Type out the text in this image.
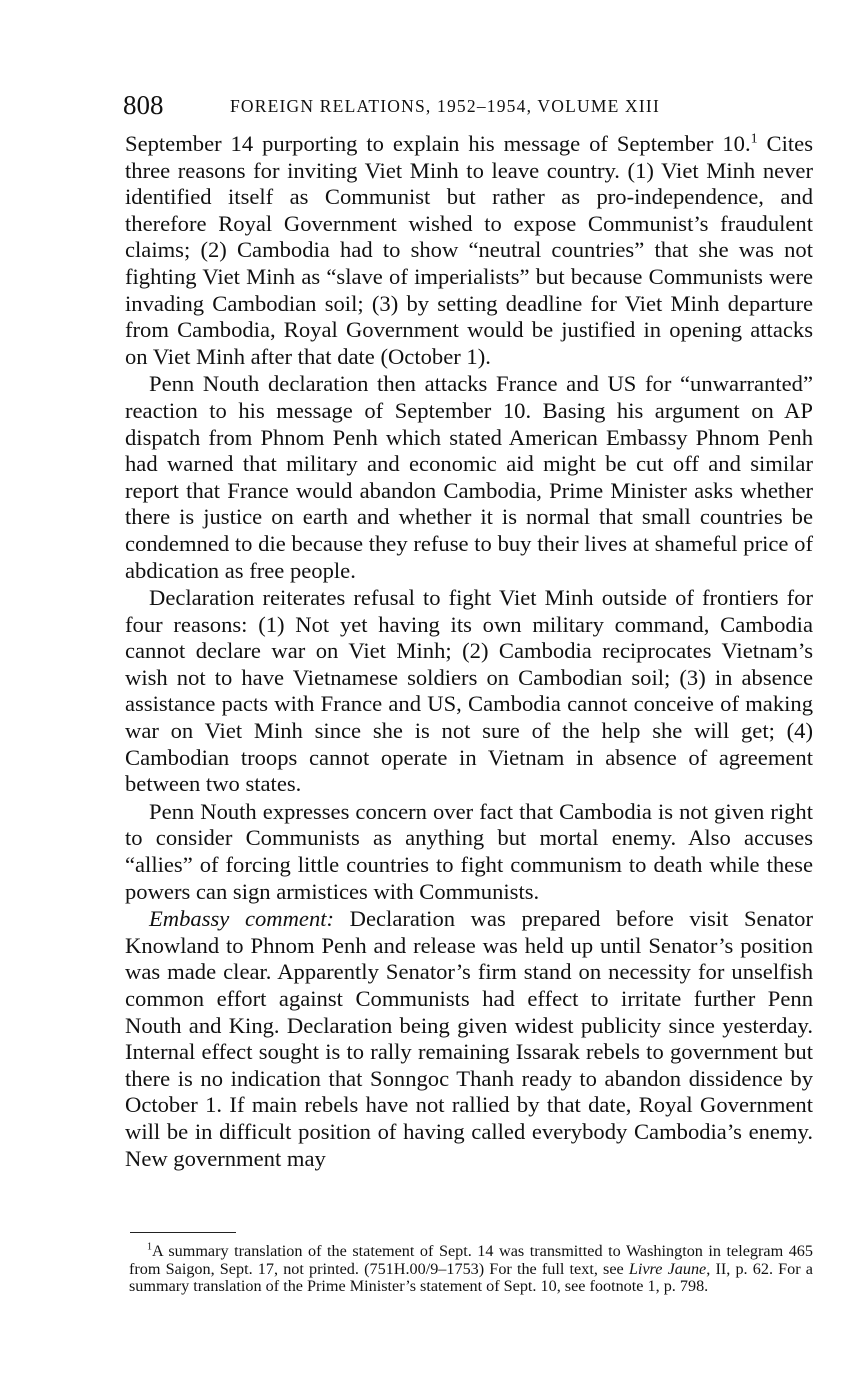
808	FOREIGN RELATIONS, 1952–1954, VOLUME XIII

September 14 purporting to explain his message of September 10.$^1$ Cites three reasons for inviting Viet Minh to leave country. (1) Viet Minh never identified itself as Communist but rather as pro-independence, and therefore Royal Government wished to expose Communist’s fraudulent claims; (2) Cambodia had to show “neutral countries” that she was not fighting Viet Minh as “slave of imperialists” but because Communists were invading Cambodian soil; (3) by setting deadline for Viet Minh departure from Cambodia, Royal Government would be justified in opening attacks on Viet Minh after that date (October 1).

Penn Nouth declaration then attacks France and US for “unwarranted” reaction to his message of September 10. Basing his argument on AP dispatch from Phnom Penh which stated American Embassy Phnom Penh had warned that military and economic aid might be cut off and similar report that France would abandon Cambodia, Prime Minister asks whether there is justice on earth and whether it is normal that small countries be condemned to die because they refuse to buy their lives at shameful price of abdication as free people.

Declaration reiterates refusal to fight Viet Minh outside of frontiers for four reasons: (1) Not yet having its own military command, Cambodia cannot declare war on Viet Minh; (2) Cambodia reciprocates Vietnam’s wish not to have Vietnamese soldiers on Cambodian soil; (3) in absence assistance pacts with France and US, Cambodia cannot conceive of making war on Viet Minh since she is not sure of the help she will get; (4) Cambodian troops cannot operate in Vietnam in absence of agreement between two states.

Penn Nouth expresses concern over fact that Cambodia is not given right to consider Communists as anything but mortal enemy. Also accuses “allies” of forcing little countries to fight communism to death while these powers can sign armistices with Communists.

Embassy comment: Declaration was prepared before visit Senator Knowland to Phnom Penh and release was held up until Senator’s position was made clear. Apparently Senator’s firm stand on necessity for unselfish common effort against Communists had effect to irritate further Penn Nouth and King. Declaration being given widest publicity since yesterday. Internal effect sought is to rally remaining Issarak rebels to government but there is no indication that Sonngoc Thanh ready to abandon dissidence by October 1. If main rebels have not rallied by that date, Royal Government will be in difficult position of having called everybody Cambodia’s enemy. New government may

$^1$A summary translation of the statement of Sept. 14 was transmitted to Washington in telegram 465 from Saigon, Sept. 17, not printed. (751H.00/9–1753) For the full text, see Livre Jaune, II, p. 62. For a summary translation of the Prime Minister’s statement of Sept. 10, see footnote 1, p. 798.
